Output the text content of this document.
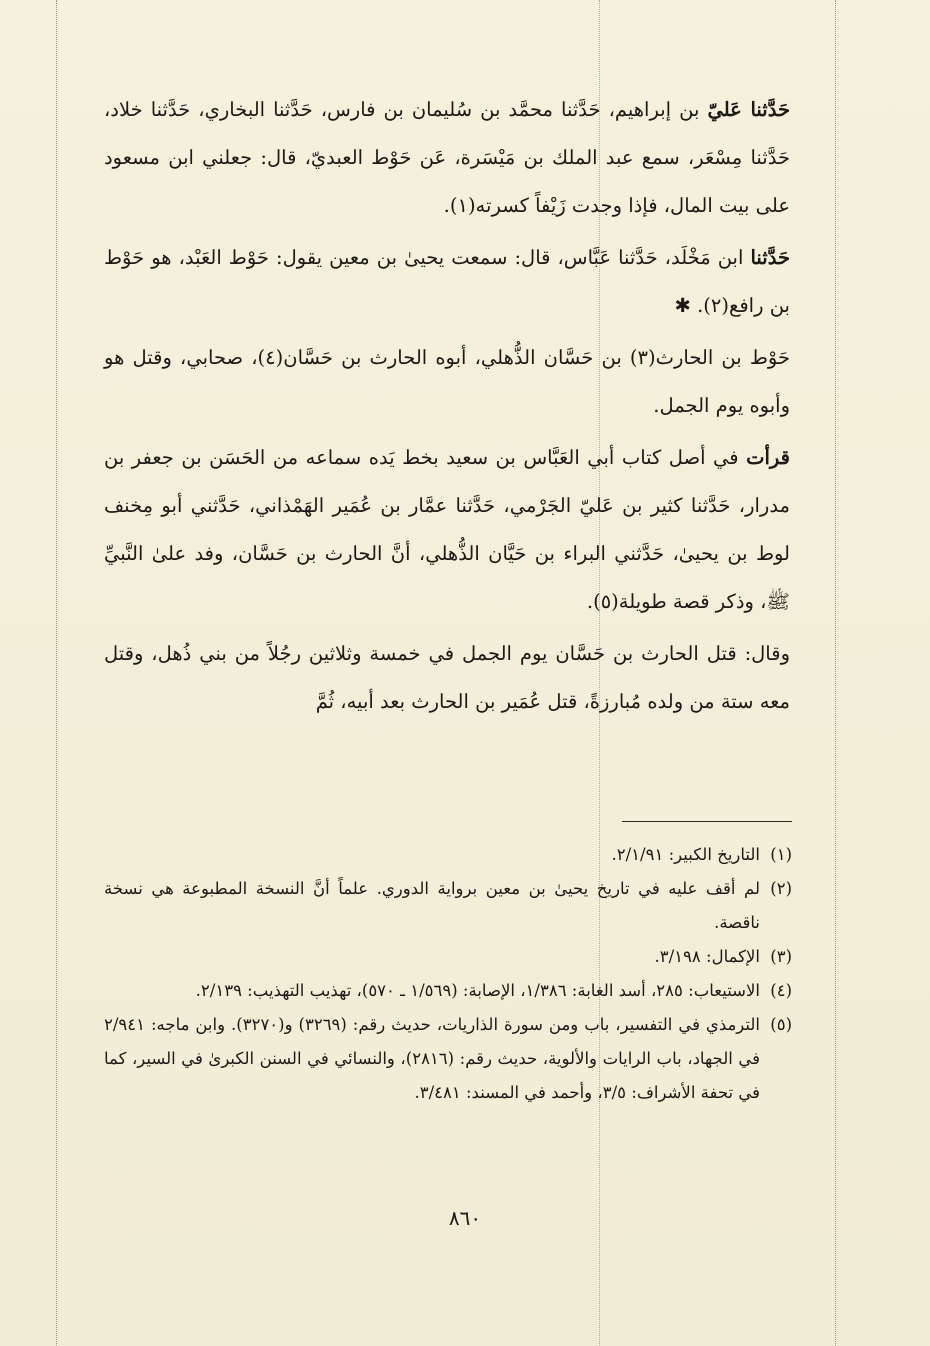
حَدَّثنا عَليّ بن إبراهيم، حَدَّثنا محمَّد بن سُليمان بن فارس، حَدَّثنا البخاري، حَدَّثنا خلاد، حَدَّثنا مِسْعَر، سمع عبد الملك بن مَيْسَرة، عَن حَوْط العبديّ، قال: جعلني ابن مسعود على بيت المال، فإذا وجدت زَيْفاً كسرته(١).

حَدَّثنا ابن مَخْلَد، حَدَّثنا عَبَّاس، قال: سمعت يحيىٰ بن معين يقول: حَوْط العَبْد، هو حَوْط بن رافع(٢). ✱

حَوْط بن الحارث(٣) بن حَسَّان الذُّهلي، أبوه الحارث بن حَسَّان(٤)، صحابي، وقتل هو وأبوه يوم الجمل.

قرأت في أصل كتاب أبي العَبَّاس بن سعيد بخط يَده سماعه من الحَسَن بن جعفر بن مدرار، حَدَّثنا كثير بن عَليّ الجَرْمي، حَدَّثنا عمَّار بن عُمَير الهَمْذاني، حَدَّثني أبو مِخنف لوط بن يحيىٰ، حَدَّثني البراء بن حَيَّان الذُّهلي، أنَّ الحارث بن حَسَّان، وفد علىٰ النَّبيِّ ﷺ، وذكر قصة طويلة(٥).

وقال: قتل الحارث بن حَسَّان يوم الجمل في خمسة وثلاثين رجُلاً من بني ذُهل، وقتل معه ستة من ولده مُبارزةً، قتل عُمَير بن الحارث بعد أبيه، ثُمَّ

(١)
التاريخ الكبير: ٢/١/٩١.
(٢)
لم أقف عليه في تاريخ يحيىٰ بن معين برواية الدوري. علماً أنَّ النسخة المطبوعة هي نسخة ناقصة.
(٣)
الإكمال: ٣/١٩٨.
(٤)
الاستيعاب: ٢٨٥، أسد الغابة: ١/٣٨٦، الإصابة: (١/٥٦٩ ـ ٥٧٠)، تهذيب التهذيب: ٢/١٣٩.
(٥)
الترمذي في التفسير، باب ومن سورة الذاريات، حديث رقم: (٣٢٦٩) و(٣٢٧٠). وابن ماجه: ٢/٩٤١ في الجهاد، باب الرايات والألوية، حديث رقم: (٢٨١٦)، والنسائي في السنن الكبرىٰ في السير، كما في تحفة الأشراف: ٣/٥، وأحمد في المسند: ٣/٤٨١.
٨٦٠
